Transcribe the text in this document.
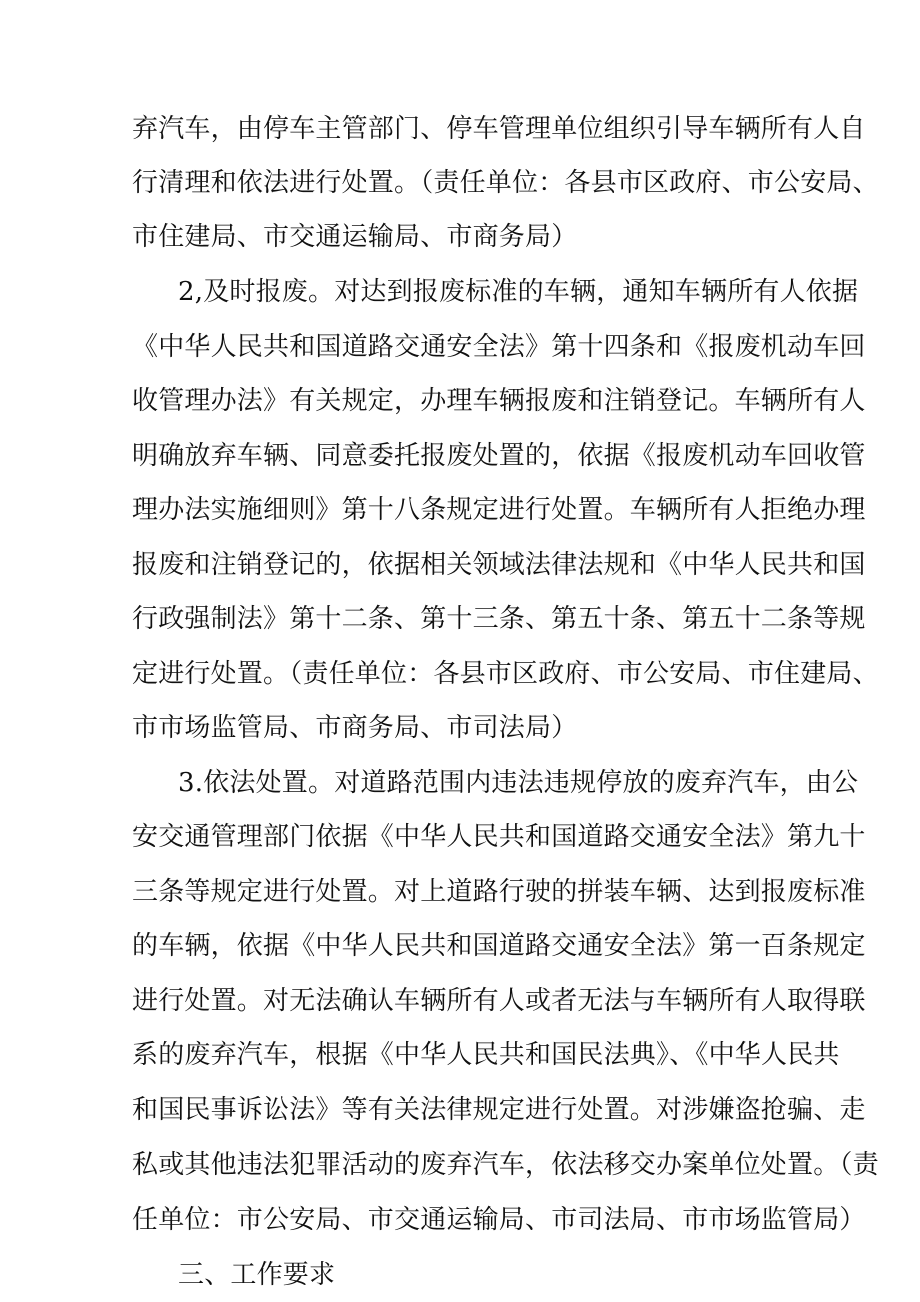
弃汽车，由停车主管部门、停车管理单位组织引导车辆所有人自
行清理和依法进行处置。（责任单位：各县市区政府、市公安局、
市住建局、市交通运输局、市商务局）
2,及时报废。对达到报废标准的车辆，通知车辆所有人依据
《中华人民共和国道路交通安全法》第十四条和《报废机动车回
收管理办法》有关规定，办理车辆报废和注销登记。车辆所有人
明确放弃车辆、同意委托报废处置的，依据《报废机动车回收管
理办法实施细则》第十八条规定进行处置。车辆所有人拒绝办理
报废和注销登记的，依据相关领域法律法规和《中华人民共和国
行政强制法》第十二条、第十三条、第五十条、第五十二条等规
定进行处置。（责任单位：各县市区政府、市公安局、市住建局、
市市场监管局、市商务局、市司法局）
3.依法处置。对道路范围内违法违规停放的废弃汽车，由公
安交通管理部门依据《中华人民共和国道路交通安全法》第九十
三条等规定进行处置。对上道路行驶的拼装车辆、达到报废标准
的车辆，依据《中华人民共和国道路交通安全法》第一百条规定
进行处置。对无法确认车辆所有人或者无法与车辆所有人取得联
系的废弃汽车，根据《中华人民共和国民法典》、《中华人民共
和国民事诉讼法》等有关法律规定进行处置。对涉嫌盗抢骗、走
私或其他违法犯罪活动的废弃汽车，依法移交办案单位处置。（责
任单位：市公安局、市交通运输局、市司法局、市市场监管局）
三、工作要求
